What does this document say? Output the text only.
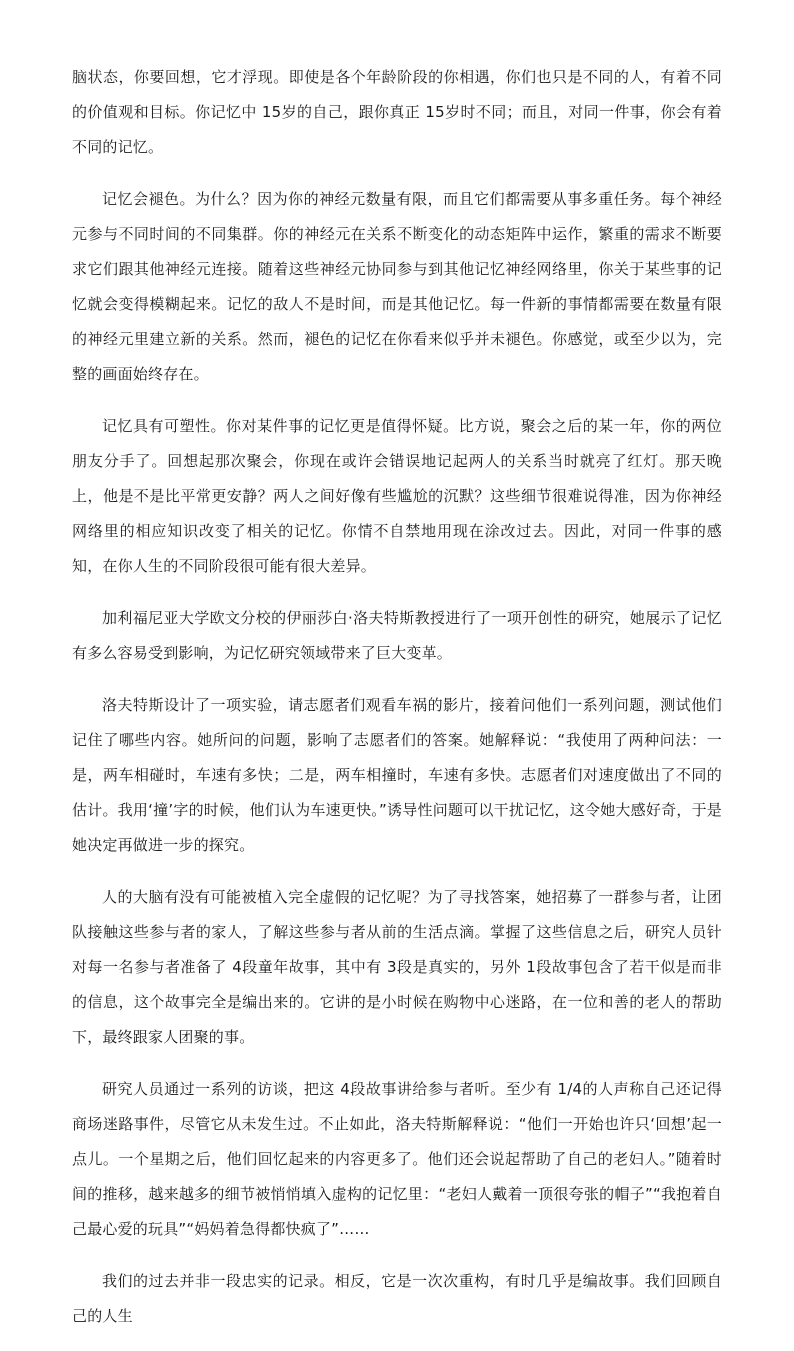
脑状态，你要回想，它才浮现。即使是各个年龄阶段的你相遇，你们也只是不同的人，有着不同的价值观和目标。你记忆中 15岁的自己，跟你真正 15岁时不同；而且，对同一件事，你会有着不同的记忆。

记忆会褪色。为什么？因为你的神经元数量有限，而且它们都需要从事多重任务。每个神经元参与不同时间的不同集群。你的神经元在关系不断变化的动态矩阵中运作，繁重的需求不断要求它们跟其他神经元连接。随着这些神经元协同参与到其他记忆神经网络里，你关于某些事的记忆就会变得模糊起来。记忆的敌人不是时间，而是其他记忆。每一件新的事情都需要在数量有限的神经元里建立新的关系。然而，褪色的记忆在你看来似乎并未褪色。你感觉，或至少以为，完整的画面始终存在。

记忆具有可塑性。你对某件事的记忆更是值得怀疑。比方说，聚会之后的某一年，你的两位朋友分手了。回想起那次聚会，你现在或许会错误地记起两人的关系当时就亮了红灯。那天晚上，他是不是比平常更安静？两人之间好像有些尴尬的沉默？这些细节很难说得准，因为你神经网络里的相应知识改变了相关的记忆。你情不自禁地用现在涂改过去。因此，对同一件事的感知，在你人生的不同阶段很可能有很大差异。

加利福尼亚大学欧文分校的伊丽莎白·洛夫特斯教授进行了一项开创性的研究，她展示了记忆有多么容易受到影响，为记忆研究领域带来了巨大变革。

洛夫特斯设计了一项实验，请志愿者们观看车祸的影片，接着问他们一系列问题，测试他们记住了哪些内容。她所问的问题，影响了志愿者们的答案。她解释说：“我使用了两种问法：一是，两车相碰时，车速有多快；二是，两车相撞时，车速有多快。志愿者们对速度做出了不同的估计。我用‘撞’字的时候，他们认为车速更快。”诱导性问题可以干扰记忆，这令她大感好奇，于是她决定再做进一步的探究。

人的大脑有没有可能被植入完全虚假的记忆呢？为了寻找答案，她招募了一群参与者，让团队接触这些参与者的家人，了解这些参与者从前的生活点滴。掌握了这些信息之后，研究人员针对每一名参与者准备了 4段童年故事，其中有 3段是真实的，另外 1段故事包含了若干似是而非的信息，这个故事完全是编出来的。它讲的是小时候在购物中心迷路，在一位和善的老人的帮助下，最终跟家人团聚的事。

研究人员通过一系列的访谈，把这 4段故事讲给参与者听。至少有 1/4的人声称自己还记得商场迷路事件，尽管它从未发生过。不止如此，洛夫特斯解释说：“他们一开始也许只‘回想’起一点儿。一个星期之后，他们回忆起来的内容更多了。他们还会说起帮助了自己的老妇人。”随着时间的推移，越来越多的细节被悄悄填入虚构的记忆里：“老妇人戴着一顶很夸张的帽子”“我抱着自己最心爱的玩具”“妈妈着急得都快疯了”……

我们的过去并非一段忠实的记录。相反，它是一次次重构，有时几乎是编故事。我们回顾自己的人生
